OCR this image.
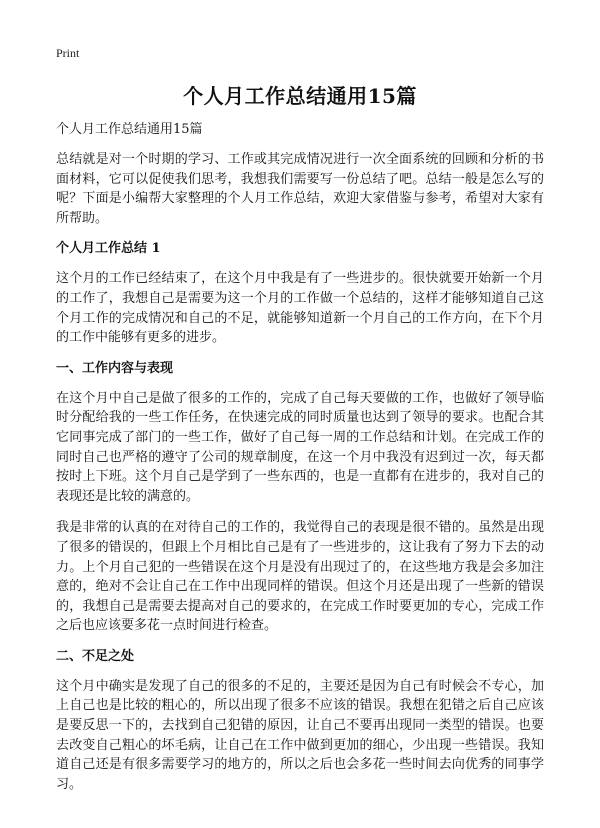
Print
个人月工作总结通用15篇
个人月工作总结通用15篇

总结就是对一个时期的学习、工作或其完成情况进行一次全面系统的回顾和分析的书面材料，它可以促使我们思考，我想我们需要写一份总结了吧。总结一般是怎么写的呢？下面是小编帮大家整理的个人月工作总结，欢迎大家借鉴与参考，希望对大家有所帮助。

个人月工作总结 1

这个月的工作已经结束了，在这个月中我是有了一些进步的。很快就要开始新一个月的工作了，我想自己是需要为这一个月的工作做一个总结的，这样才能够知道自己这个月工作的完成情况和自己的不足，就能够知道新一个月自己的工作方向，在下个月的工作中能够有更多的进步。

一、工作内容与表现

在这个月中自己是做了很多的工作的，完成了自己每天要做的工作，也做好了领导临时分配给我的一些工作任务，在快速完成的同时质量也达到了领导的要求。也配合其它同事完成了部门的一些工作，做好了自己每一周的工作总结和计划。在完成工作的同时自己也严格的遵守了公司的规章制度，在这一个月中我没有迟到过一次，每天都按时上下班。这个月自己是学到了一些东西的，也是一直都有在进步的，我对自己的表现还是比较的满意的。

我是非常的认真的在对待自己的工作的，我觉得自己的表现是很不错的。虽然是出现了很多的错误的，但跟上个月相比自己是有了一些进步的，这让我有了努力下去的动力。上个月自己犯的一些错误在这个月是没有出现过了的，在这些地方我是会多加注意的，绝对不会让自己在工作中出现同样的错误。但这个月还是出现了一些新的错误的，我想自己是需要去提高对自己的要求的，在完成工作时要更加的专心，完成工作之后也应该要多花一点时间进行检查。

二、不足之处

这个月中确实是发现了自己的很多的不足的，主要还是因为自己有时候会不专心，加上自己也是比较的粗心的，所以出现了很多不应该的错误。我想在犯错之后自己应该是要反思一下的，去找到自己犯错的原因，让自己不要再出现同一类型的错误。也要去改变自己粗心的坏毛病，让自己在工作中做到更加的细心，少出现一些错误。我知道自己还是有很多需要学习的地方的，所以之后也会多花一些时间去向优秀的同事学习。
